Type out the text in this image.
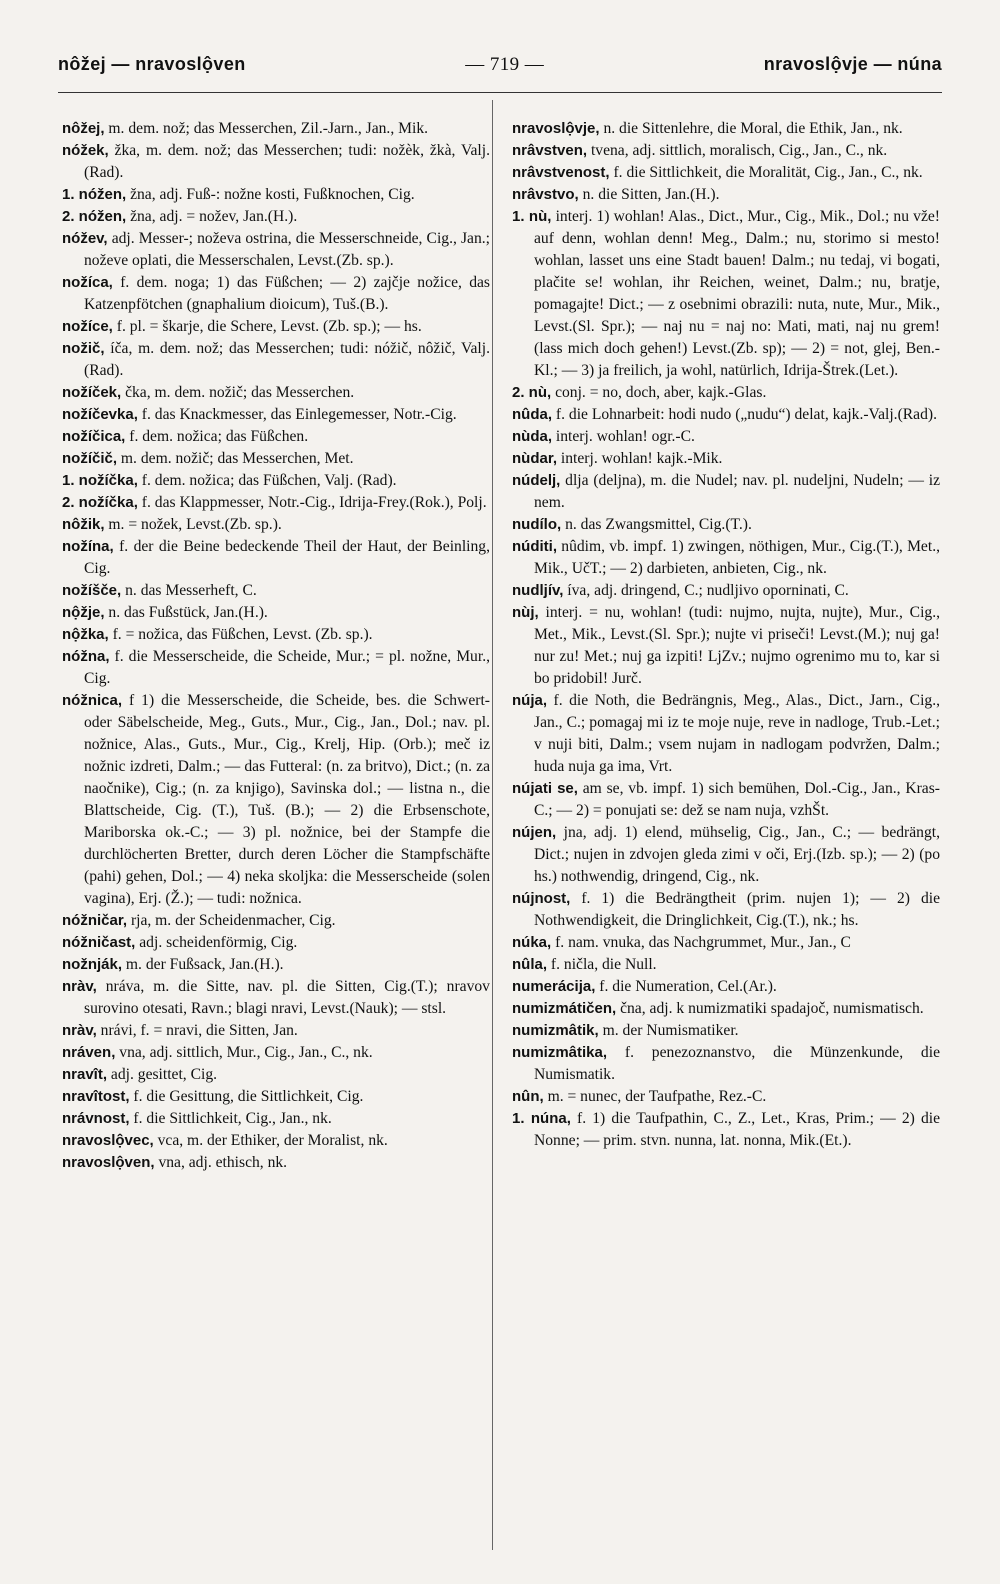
nôžej — nravoslộven	— 719 —	nravoslộvje — núna

nôžej, m. dem. nož; das Messerchen, Zil.-Jarn., Jan., Mik.

nóžek, žka, m. dem. nož; das Messerchen; tudi: nožèk, žkà, Valj.(Rad).

1. nóžen, žna, adj. Fuß-: nožne kosti, Fußknochen, Cig.

2. nóžen, žna, adj. = nožev, Jan.(H.).

nóžev, adj. Messer-; noževa ostrina, die Messerschneide, Cig., Jan.; noževe oplati, die Messerschalen, Levst.(Zb. sp.).

nožíca, f. dem. noga; 1) das Füßchen; — 2) zajčje nožice, das Katzenpfötchen (gnaphalium dioicum), Tuš.(B.).

nožíce, f. pl. = škarje, die Schere, Levst. (Zb. sp.); — hs.

nožič, íča, m. dem. nož; das Messerchen; tudi: nóžič, nôžič, Valj.(Rad).

nožíček, čka, m. dem. nožič; das Messerchen.

nožíčevka, f. das Knackmesser, das Einlegemesser, Notr.-Cig.

nožíčica, f. dem. nožica; das Füßchen.

nožíčič, m. dem. nožič; das Messerchen, Met.

1. nožíčka, f. dem. nožica; das Füßchen, Valj. (Rad).

2. nožíčka, f. das Klappmesser, Notr.-Cig., Idrija-Frey.(Rok.), Polj.

nôžik, m. = nožek, Levst.(Zb. sp.).

nožína, f. der die Beine bedeckende Theil der Haut, der Beinling, Cig.

nožíšče, n. das Messerheft, C.

nộžje, n. das Fußstück, Jan.(H.).

nộžka, f. = nožica, das Füßchen, Levst. (Zb. sp.).

nóžna, f. die Messerscheide, die Scheide, Mur.; = pl. nožne, Mur., Cig.

nóžnica, f 1) die Messerscheide, die Scheide, bes. die Schwert- oder Säbelscheide, Meg., Guts., Mur., Cig., Jan., Dol.; nav. pl. nožnice, Alas., Guts., Mur., Cig., Krelj, Hip. (Orb.); meč iz nožnic izdreti, Dalm.; — das Futteral: (n. za britvo), Dict.; (n. za naočnike), Cig.; (n. za knjigo), Savinska dol.; — listna n., die Blattscheide, Cig. (T.), Tuš. (B.); — 2) die Erbsenschote, Mariborska ok.-C.; — 3) pl. nožnice, bei der Stampfe die durchlöcherten Bretter, durch deren Löcher die Stampfschäfte (pahi) gehen, Dol.; — 4) neka skoljka: die Messerscheide (solen vagina), Erj. (Ž.); — tudi: nožnica.

nóžničar, rja, m. der Scheidenmacher, Cig.

nóžničast, adj. scheidenförmig, Cig.

nožnják, m. der Fußsack, Jan.(H.).

nràv, nráva, m. die Sitte, nav. pl. die Sitten, Cig.(T.); nravov surovino otesati, Ravn.; blagi nravi, Levst.(Nauk); — stsl.

nràv, nrávi, f. = nravi, die Sitten, Jan.

nráven, vna, adj. sittlich, Mur., Cig., Jan., C., nk.

nravît, adj. gesittet, Cig.

nravîtost, f. die Gesittung, die Sittlichkeit, Cig.

nrávnost, f. die Sittlichkeit, Cig., Jan., nk.

nravoslộvec, vca, m. der Ethiker, der Moralist, nk.

nravoslộven, vna, adj. ethisch, nk.

nravoslộvje, n. die Sittenlehre, die Moral, die Ethik, Jan., nk.

nrâvstven, tvena, adj. sittlich, moralisch, Cig., Jan., C., nk.

nrâvstvenost, f. die Sittlichkeit, die Moralität, Cig., Jan., C., nk.

nrâvstvo, n. die Sitten, Jan.(H.).

1. nù, interj. 1) wohlan! Alas., Dict., Mur., Cig., Mik., Dol.; nu vže! auf denn, wohlan denn! Meg., Dalm.; nu, storimo si mesto! wohlan, lasset uns eine Stadt bauen! Dalm.; nu tedaj, vi bogati, plačite se! wohlan, ihr Reichen, weinet, Dalm.; nu, bratje, pomagajte! Dict.; — z osebnimi obrazili: nuta, nute, Mur., Mik., Levst.(Sl. Spr.); — naj nu = naj no: Mati, mati, naj nu grem! (lass mich doch gehen!) Levst.(Zb. sp); — 2) = not, glej, Ben.-Kl.; — 3) ja freilich, ja wohl, natürlich, Idrija-Štrek.(Let.).

2. nù, conj. = no, doch, aber, kajk.-Glas.

nûda, f. die Lohnarbeit: hodi nudo („nudu“) delat, kajk.-Valj.(Rad).

nùda, interj. wohlan! ogr.-C.

nùdar, interj. wohlan! kajk.-Mik.

núdelj, dlja (deljna), m. die Nudel; nav. pl. nudeljni, Nudeln; — iz nem.

nudílo, n. das Zwangsmittel, Cig.(T.).

núditi, nûdim, vb. impf. 1) zwingen, nöthigen, Mur., Cig.(T.), Met., Mik., UčT.; — 2) darbieten, anbieten, Cig., nk.

nudljív, íva, adj. dringend, C.; nudljivo oporninati, C.

nùj, interj. = nu, wohlan! (tudi: nujmo, nujta, nujte), Mur., Cig., Met., Mik., Levst.(Sl. Spr.); nujte vi priseči! Levst.(M.); nuj ga! nur zu! Met.; nuj ga izpiti! LjZv.; nujmo ogrenimo mu to, kar si bo pridobil! Jurč.

núja, f. die Noth, die Bedrängnis, Meg., Alas., Dict., Jarn., Cig., Jan., C.; pomagaj mi iz te moje nuje, reve in nadloge, Trub.-Let.; v nuji biti, Dalm.; vsem nujam in nadlogam podvržen, Dalm.; huda nuja ga ima, Vrt.

núјati se, am se, vb. impf. 1) sich bemühen, Dol.-Cig., Jan., Kras-C.; — 2) = ponujati se: dež se nam nuja, vzhŠt.

núјen, jna, adj. 1) elend, mühselig, Cig., Jan., C.; — bedrängt, Dict.; nujen in zdvojen gleda zimi v oči, Erj.(Izb. sp.); — 2) (po hs.) nothwendig, dringend, Cig., nk.

nújnost, f. 1) die Bedrängtheit (prim. nujen 1); — 2) die Nothwendigkeit, die Dringlichkeit, Cig.(T.), nk.; hs.

núka, f. nam. vnuka, das Nachgrummet, Mur., Jan., C

nûla, f. ničla, die Null.

numerácija, f. die Numeration, Cel.(Ar.).

numizmátičen, čna, adj. k numizmatiki spadajoč, numismatisch.

numizmâtik, m. der Numismatiker.

numizmâtika, f. penezoznanstvo, die Münzenkunde, die Numismatik.

nûn, m. = nunec, der Taufpathe, Rez.-C.

1. núna, f. 1) die Taufpathin, C., Z., Let., Kras, Prim.; — 2) die Nonne; — prim. stvn. nunna, lat. nonna, Mik.(Et.).
